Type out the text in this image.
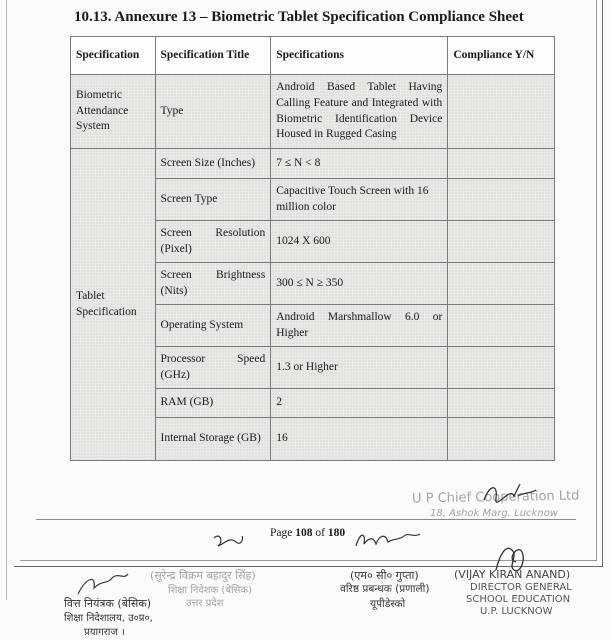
10.13. Annexure 13 – Biometric Tablet Specification Compliance Sheet
Specification	Specification Title	Specifications	Compliance Y/N
Biometric Attendance System	Type	Android Based Tablet Having Calling Feature and Integrated with Biometric Identification Device Housed in Rugged Casing	
Tablet Specification	Screen Size (Inches)	7 ≤ N < 8	
	Screen Type	Capacitive Touch Screen with 16 million color	
	Screen Resolution (Pixel)	1024 X 600	
	Screen Brightness (Nits)	300 ≤ N ≥ 350	
	Operating System	Android Marshmallow 6.0 or Higher	
	Processor Speed (GHz)	1.3 or Higher	
	RAM (GB)	2	
	Internal Storage (GB)	16	
U P Chief Cooperation Ltd
18, Ashok Marg, Lucknow
Page 108 of 180
वित्त नियंत्रक (बेसिक)
शिक्षा निदेशालय, उ०प्र०,
प्रयागराज ।
(सुरेन्द्र विक्रम बहादुर सिंह)
शिक्षा निदेशक (बेसिक)
उत्तर प्रदेश
(एम० सी० गुप्ता)
वरिष्ठ प्रबन्धक (प्रणाली)
यूपीडेस्को
(VIJAY KIRAN ANAND)
DIRECTOR GENERAL
SCHOOL EDUCATION
U.P. LUCKNOW
